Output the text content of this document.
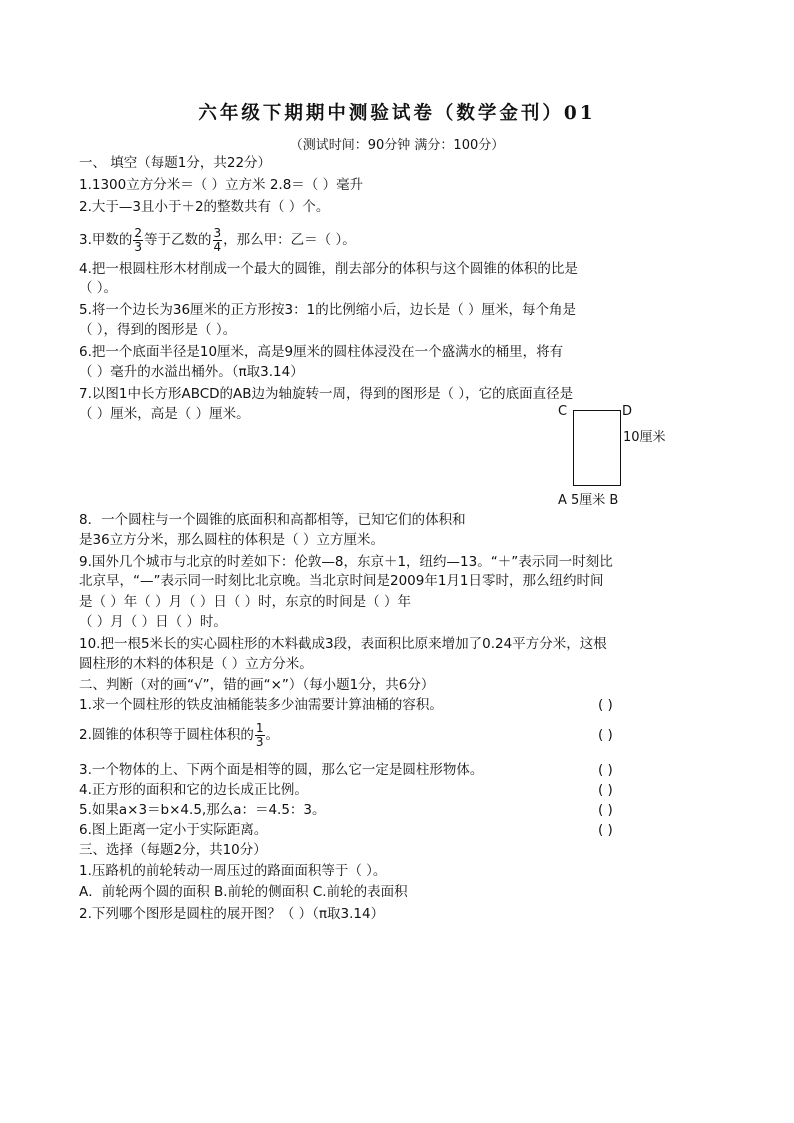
六年级下期期中测验试卷（数学金刊）01
（测试时间：90分钟 满分：100分）
一、 填空（每题1分，共22分）
1.1300立方分米＝（ ）立方米 2.8＝（ ）毫升
2.大于—3且小于＋2的整数共有（ ）个。
3.甲数的 $\frac{2}{3}$ 等于乙数的 $\frac{3}{4}$ ，那么甲：乙＝（ ）。
4.把一根圆柱形木材削成一个最大的圆锥，削去部分的体积与这个圆锥的体积的比是
（ ）。
5.将一个边长为36厘米的正方形按3：1的比例缩小后，边长是（ ）厘米，每个角是
（ ），得到的图形是（ ）。
6.把一个底面半径是10厘米，高是9厘米的圆柱体浸没在一个盛满水的桶里，将有
（ ）毫升的水溢出桶外。（π取3.14）
7.以图1中长方形ABCD的AB边为轴旋转一周，得到的图形是（ ），它的底面直径是
（ ）厘米，高是（ ）厘米。	C	D
10厘米
A 5厘米 B
8．一个圆柱与一个圆锥的底面积和高都相等，已知它们的体积和
是36立方分米，那么圆柱的体积是（ ）立方厘米。
9.国外几个城市与北京的时差如下：伦敦—8，东京＋1，纽约—13。“＋”表示同一时刻比
北京早，“—”表示同一时刻比北京晚。当北京时间是2009年1月1日零时，那么纽约时间
是（ ）年（ ）月（ ）日（ ）时，东京的时间是（ ）年
（ ）月（ ）日（ ）时。
10.把一根5米长的实心圆柱形的木料截成3段，表面积比原来增加了0.24平方分米，这根
圆柱形的木料的体积是（ ）立方分米。
二、判断（对的画“√”，错的画“×”）（每小题1分，共6分）
1.求一个圆柱形的铁皮油桶能装多少油需要计算油桶的容积。	( )
2.圆锥的体积等于圆柱体积的 $\frac{1}{3}$ 。	( )
3.一个物体的上、下两个面是相等的圆，那么它一定是圆柱形物体。	( )
4.正方形的面积和它的边长成正比例。	( )
5.如果a×3＝b×4.5,那么a：＝4.5：3。	( )
6.图上距离一定小于实际距离。	( )
三、选择（每题2分，共10分）
1.压路机的前轮转动一周压过的路面面积等于（ ）。
A．前轮两个圆的面积 B.前轮的侧面积 C.前轮的表面积
2.下列哪个图形是圆柱的展开图？（ ）（π取3.14）
